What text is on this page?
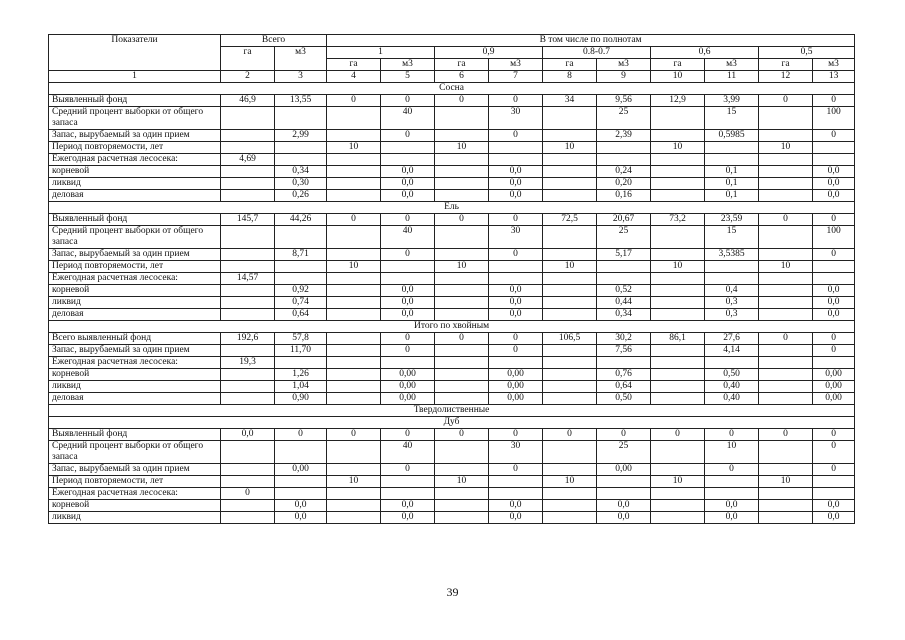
Показатели	Всего		В том числе по полнотам									
	га	м3	1		0,9		0.8-0.7		0,6		0,5	
			га	м3	га	м3	га	м3	га	м3	га	м3
1	2	3	4	5	6	7	8	9	10	11	12	13
Сосна												
Выявленный фонд	46,9	13,55	0	0	0	0	34	9,56	12,9	3,99	0	0
Средний процент выборки от общего запаса				40		30		25		15		100
Запас, вырубаемый за один прием		2,99		0		0		2,39		0,5985		0
Период повторяемости, лет			10		10		10		10		10	
Ежегодная расчетная лесосека:	4,69											
корневой		0,34		0,0		0,0		0,24		0,1		0,0
ликвид		0,30		0,0		0,0		0,20		0,1		0,0
деловая		0,26		0,0		0,0		0,16		0,1		0,0
Ель												
Выявленный фонд	145,7	44,26	0	0	0	0	72,5	20,67	73,2	23,59	0	0
Средний процент выборки от общего запаса				40		30		25		15		100
Запас, вырубаемый за один прием		8,71		0		0		5,17		3,5385		0
Период повторяемости, лет			10		10		10		10		10	
Ежегодная расчетная лесосека:	14,57											
корневой		0,92		0,0		0,0		0,52		0,4		0,0
ликвид		0,74		0,0		0,0		0,44		0,3		0,0
деловая		0,64		0,0		0,0		0,34		0,3		0,0
Итого по хвойным												
Всего выявленный фонд	192,6	57,8		0	0	0	106,5	30,2	86,1	27,6	0	0
Запас, вырубаемый за один прием		11,70		0		0		7,56		4,14		0
Ежегодная расчетная лесосека:	19,3											
корневой		1,26		0,00		0,00		0,76		0,50		0,00
ликвид		1,04		0,00		0,00		0,64		0,40		0,00
деловая		0,90		0,00		0,00		0,50		0,40		0,00
Твердолиственные												
Дуб												
Выявленный фонд	0,0	0	0	0	0	0	0	0	0	0	0	0
Средний процент выборки от общего запаса				40		30		25		10		0
Запас, вырубаемый за один прием		0,00		0		0		0,00		0		0
Период повторяемости, лет			10		10		10		10		10	
Ежегодная расчетная лесосека:	0											
корневой		0,0		0,0		0,0		0,0		0,0		0,0
ликвид		0,0		0,0		0,0		0,0		0,0		0,0
39
